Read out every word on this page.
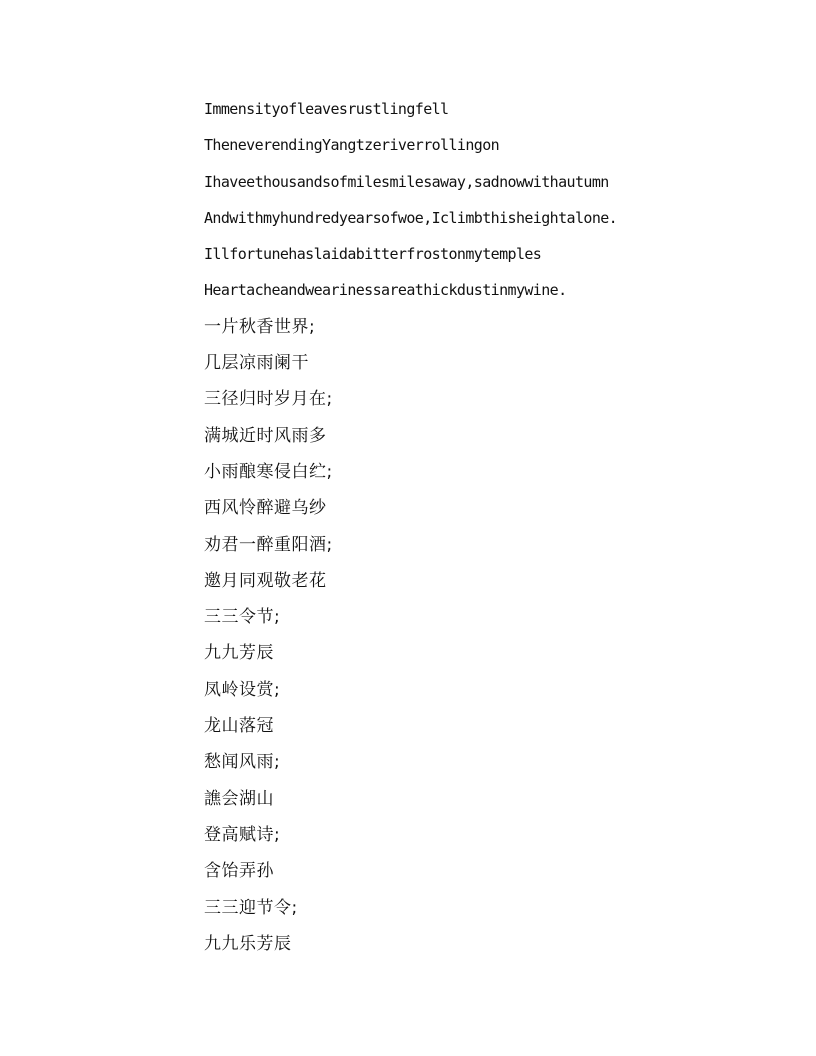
Immensityofleavesrustlingfell
TheneverendingYangtzeriverrollingon
Ihaveethousandsofmilesmilesaway,sadnowwithautumn
Andwithmyhundredyearsofwoe,Iclimbthisheightalone.
Illfortunehaslaidabitterfrostonmytemples
Heartacheandwearinessareathickdustinmywine.
一片秋香世界;
几层凉雨阑干
三径归时岁月在;
满城近时风雨多
小雨酿寒侵白纻;
西风怜醉避乌纱
劝君一醉重阳酒;
邀月同观敬老花
三三令节;
九九芳辰
凤岭设赏;
龙山落冠
愁闻风雨;
譙会湖山
登高赋诗;
含饴弄孙
三三迎节令;
九九乐芳辰
